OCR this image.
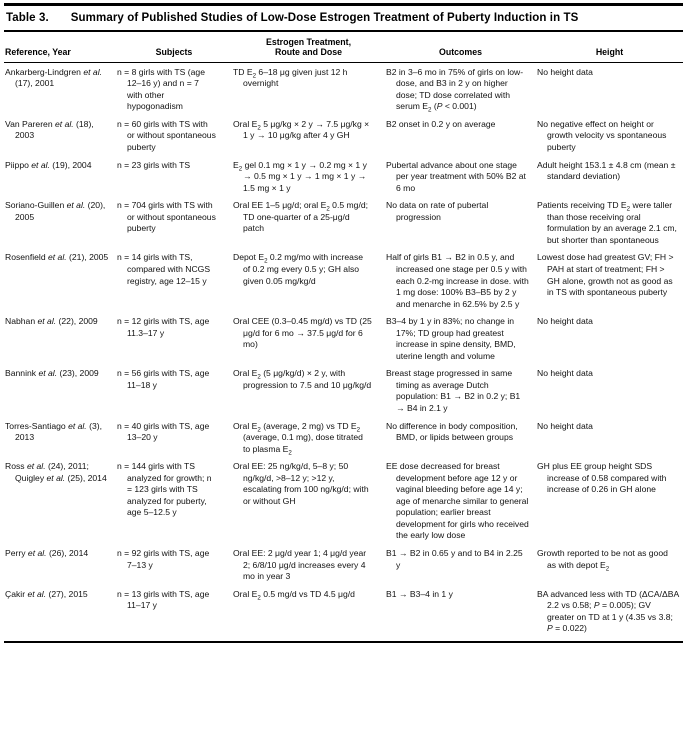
Table 3. Summary of Published Studies of Low-Dose Estrogen Treatment of Puberty Induction in TS
Reference, Year	Subjects	Estrogen Treatment, Route and Dose	Outcomes	Height
Ankarberg-Lindgren et al. (17), 2001	n = 8 girls with TS (age 12–16 y) and n = 7 with other hypogonadism	TD $E_2$ 6–18 μg given just 12 h overnight	B2 in 3–6 mo in 75% of girls on low-dose, and B3 in 2 y on higher dose; TD dose correlated with serum $E_2$ (P < 0.001)	No height data
Van Pareren et al. (18), 2003	n = 60 girls with TS with or without spontaneous puberty	Oral $E_2$ 5 μg/kg × 2 y → 7.5 μg/kg × 1 y → 10 μg/kg after 4 y GH	B2 onset in 0.2 y on average	No negative effect on height or growth velocity vs spontaneous puberty
Piippo et al. (19), 2004	n = 23 girls with TS	$E_2$ gel 0.1 mg × 1 y → 0.2 mg × 1 y → 0.5 mg × 1 y → 1 mg × 1 y → 1.5 mg × 1 y	Pubertal advance about one stage per year treatment with 50% B2 at 6 mo	Adult height 153.1 ± 4.8 cm (mean ± standard deviation)
Soriano-Guillen et al. (20), 2005	n = 704 girls with TS with or without spontaneous puberty	Oral EE 1–5 μg/d; oral $E_2$ 0.5 mg/d; TD one-quarter of a 25-μg/d patch	No data on rate of pubertal progression	Patients receiving TD $E_2$ were taller than those receiving oral formulation by an average 2.1 cm, but shorter than spontaneous
Rosenfield et al. (21), 2005	n = 14 girls with TS, compared with NCGS registry, age 12–15 y	Depot $E_2$ 0.2 mg/mo with increase of 0.2 mg every 0.5 y; GH also given 0.05 mg/kg/d	Half of girls B1 → B2 in 0.5 y, and increased one stage per 0.5 y with each 0.2-mg increase in dose. with 1 mg dose: 100% B3–B5 by 2 y and menarche in 62.5% by 2.5 y	Lowest dose had greatest GV; FH > PAH at start of treatment; FH > GH alone, growth not as good as in TS with spontaneous puberty
Nabhan et al. (22), 2009	n = 12 girls with TS, age 11.3–17 y	Oral CEE (0.3–0.45 mg/d) vs TD (25 μg/d for 6 mo → 37.5 μg/d for 6 mo)	B3–4 by 1 y in 83%; no change in 17%; TD group had greatest increase in spine density, BMD, uterine length and volume	No height data
Bannink et al. (23), 2009	n = 56 girls with TS, age 11–18 y	Oral $E_2$ (5 μg/kg/d) × 2 y, with progression to 7.5 and 10 μg/kg/d	Breast stage progressed in same timing as average Dutch population: B1 → B2 in 0.2 y; B1 → B4 in 2.1 y	No height data
Torres-Santiago et al. (3), 2013	n = 40 girls with TS, age 13–20 y	Oral $E_2$ (average, 2 mg) vs TD $E_2$ (average, 0.1 mg), dose titrated to plasma $E_2$	No difference in body composition, BMD, or lipids between groups	No height data
Ross et al. (24), 2011; Quigley et al. (25), 2014	n = 144 girls with TS analyzed for growth; n = 123 girls with TS analyzed for puberty, age 5–12.5 y	Oral EE: 25 ng/kg/d, 5–8 y; 50 ng/kg/d, >8–12 y; >12 y, escalating from 100 ng/kg/d; with or without GH	EE dose decreased for breast development before age 12 y or vaginal bleeding before age 14 y; age of menarche similar to general population; earlier breast development for girls who received the early low dose	GH plus EE group height SDS increase of 0.58 compared with increase of 0.26 in GH alone
Perry et al. (26), 2014	n = 92 girls with TS, age 7–13 y	Oral EE: 2 μg/d year 1; 4 μg/d year 2; 6/8/10 μg/d increases every 4 mo in year 3	B1 → B2 in 0.65 y and to B4 in 2.25 y	Growth reported to be not as good as with depot $E_2$
Çakir et al. (27), 2015	n = 13 girls with TS, age 11–17 y	Oral $E_2$ 0.5 mg/d vs TD 4.5 μg/d	B1 → B3–4 in 1 y	BA advanced less with TD (ΔCA/ΔBA 2.2 vs 0.58; P = 0.005); GV greater on TD at 1 y (4.35 vs 3.8; P = 0.022)
